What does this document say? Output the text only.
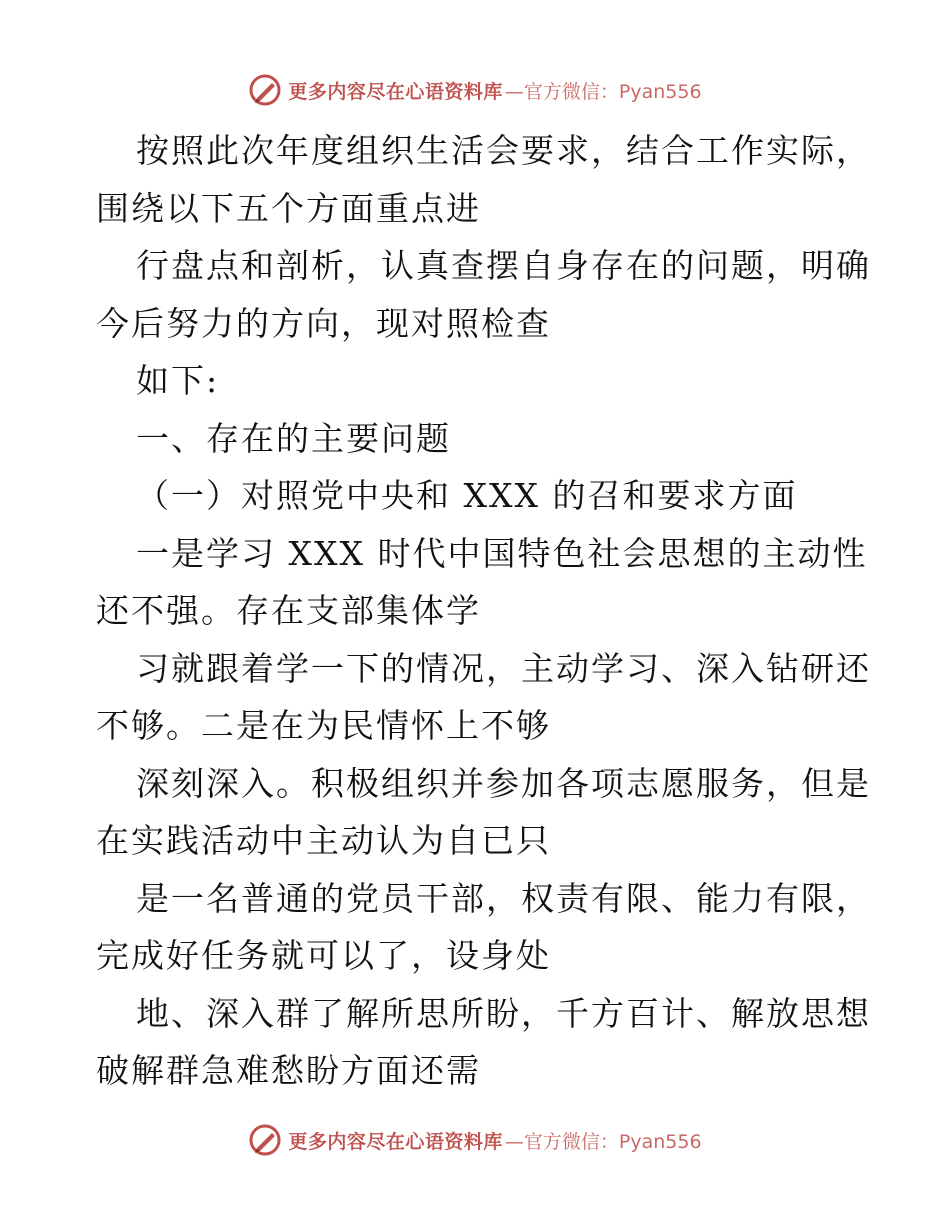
更多内容尽在心语资料库 —官方微信：Pyan556
按照此次年度组织生活会要求，结合工作实际，
围绕以下五个方面重点进
行盘点和剖析，认真查摆自身存在的问题，明确
今后努力的方向，现对照检查
如下:
一、存在的主要问题
（一）对照党中央和 XXX 的召和要求方面
一是学习 XXX 时代中国特色社会思想的主动性
还不强。存在支部集体学
习就跟着学一下的情况，主动学习、深入钻研还
不够。二是在为民情怀上不够
深刻深入。积极组织并参加各项志愿服务，但是
在实践活动中主动认为自已只
是一名普通的党员干部，权责有限、能力有限，
完成好任务就可以了，设身处
地、深入群了解所思所盼，千方百计、解放思想
破解群急难愁盼方面还需
更多内容尽在心语资料库 —官方微信：Pyan556
